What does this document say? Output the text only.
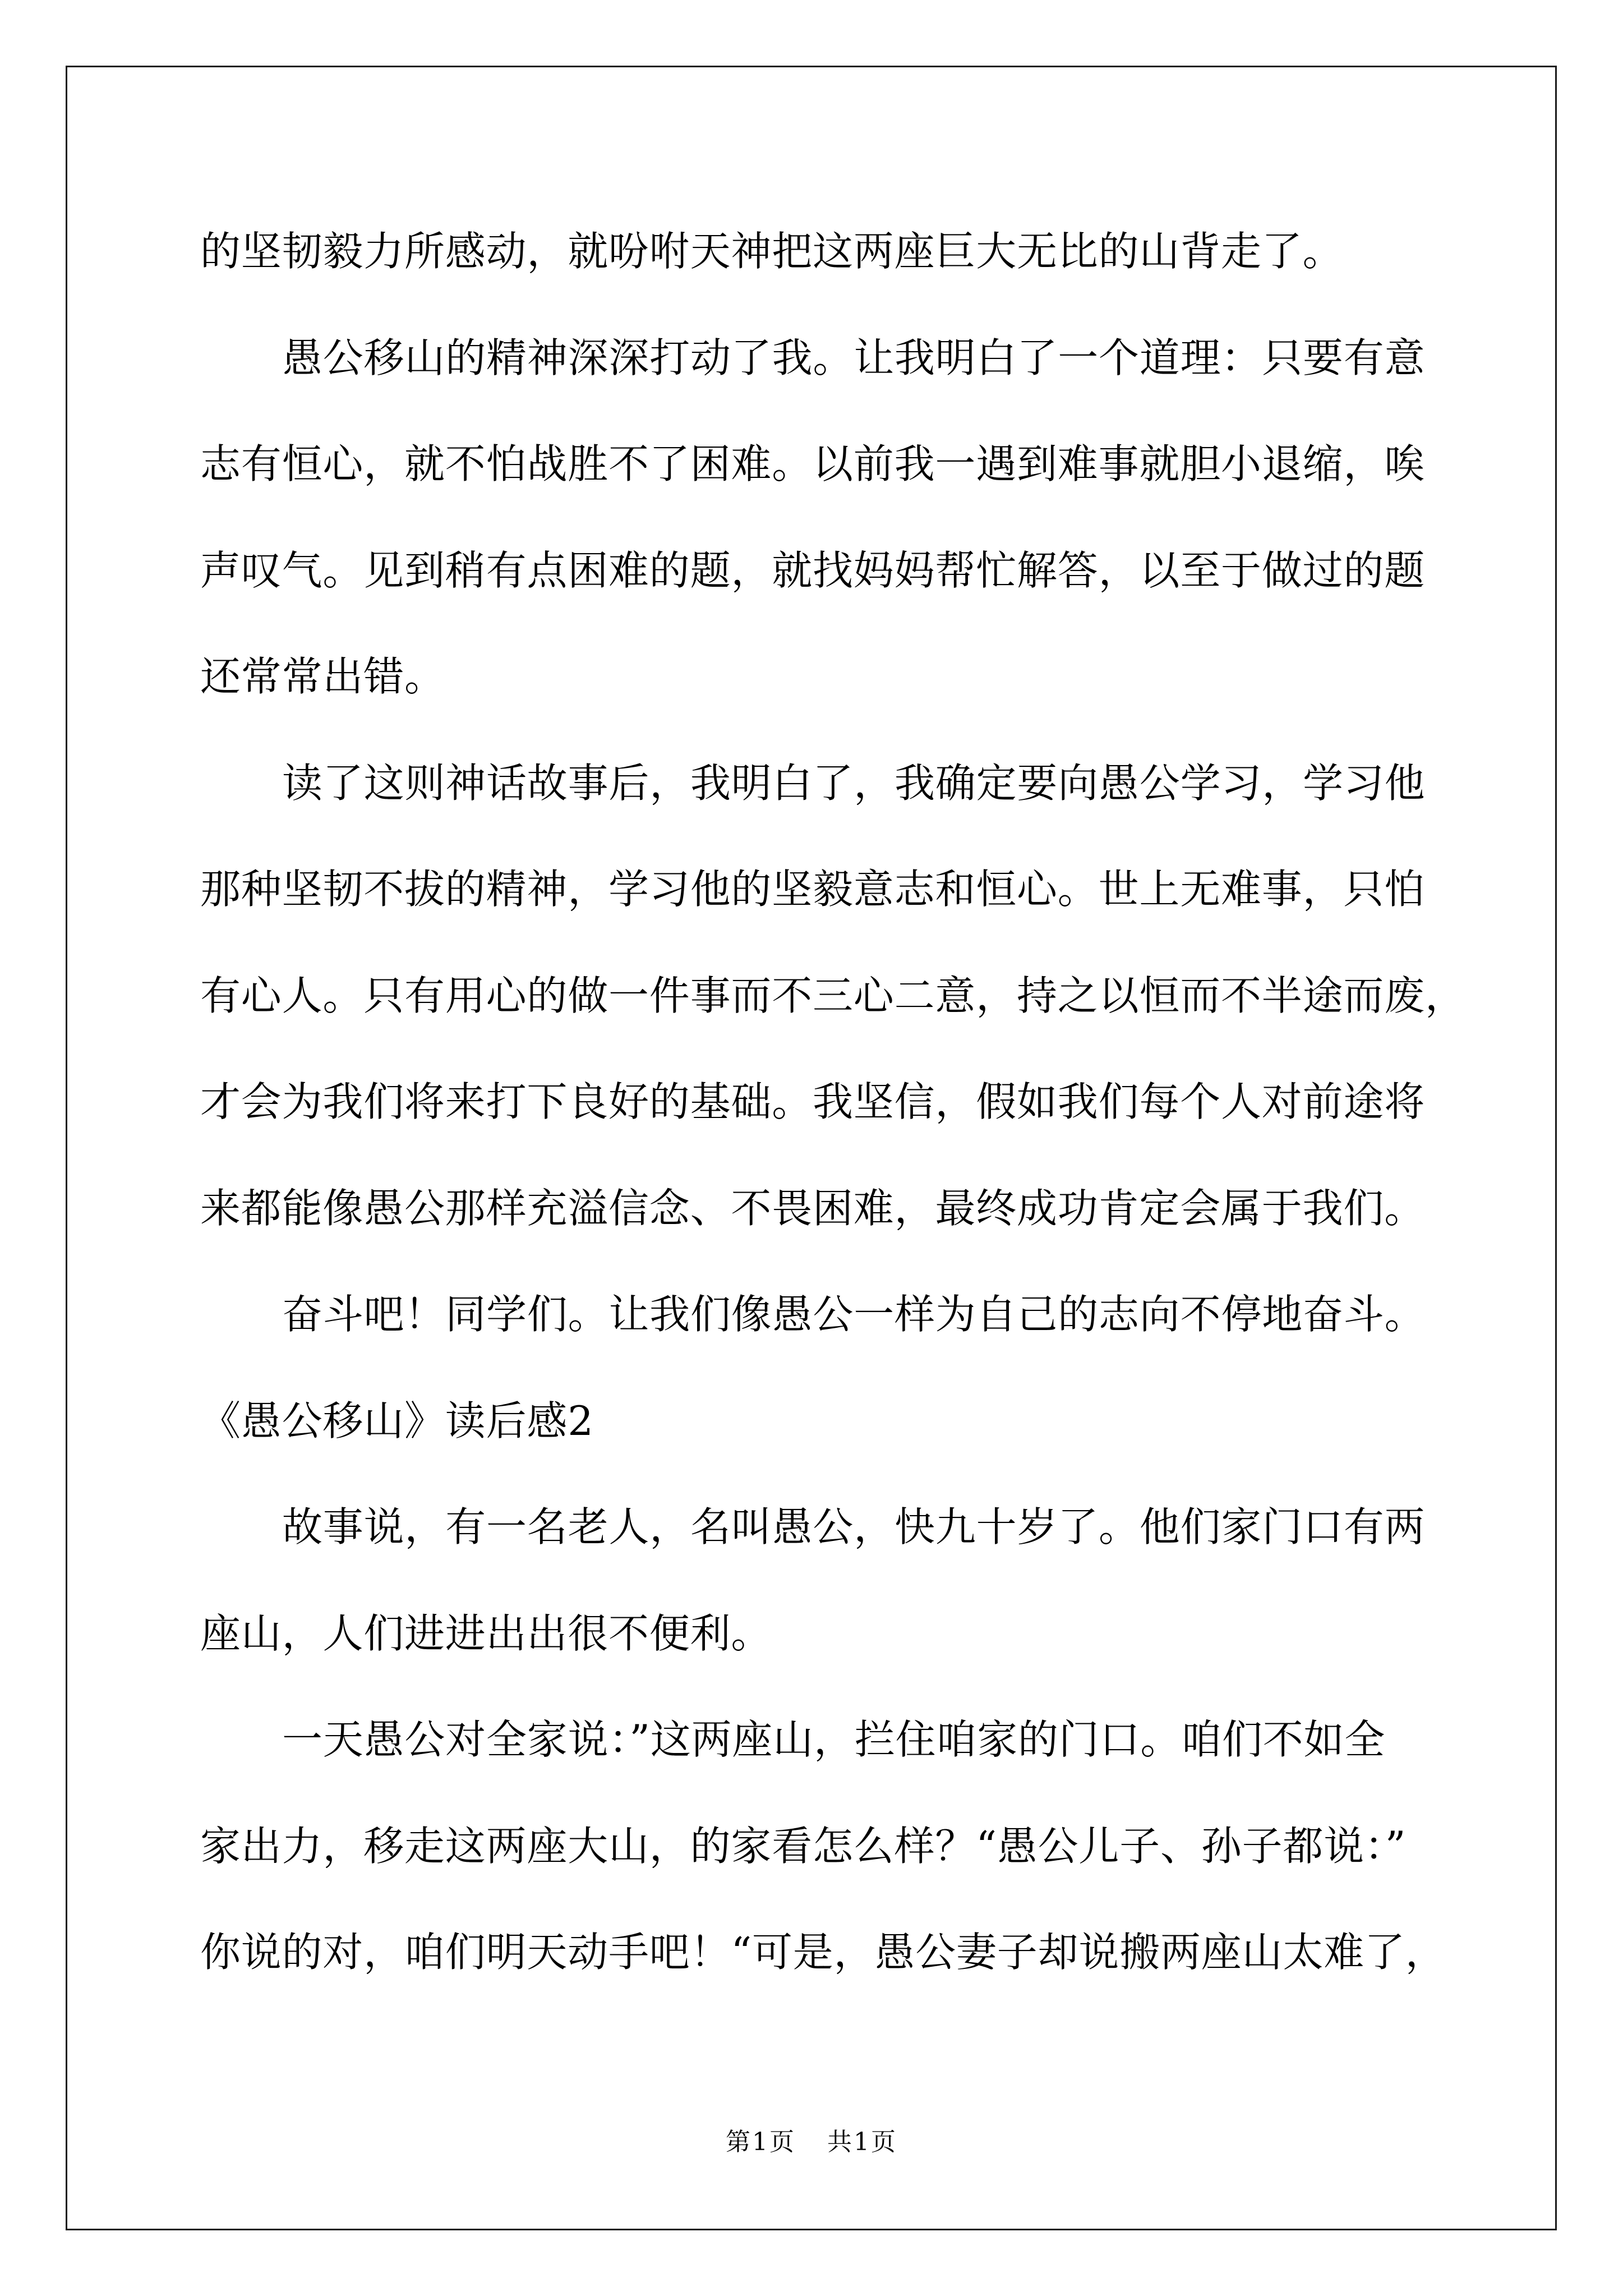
的坚韧毅力所感动，就吩咐天神把这两座巨大无比的山背走了。
愚公移山的精神深深打动了我。让我明白了一个道理：只要有意
志有恒心，就不怕战胜不了困难。以前我一遇到难事就胆小退缩，唉
声叹气。见到稍有点困难的题，就找妈妈帮忙解答，以至于做过的题
还常常出错。
读了这则神话故事后，我明白了，我确定要向愚公学习，学习他
那种坚韧不拔的精神，学习他的坚毅意志和恒心。世上无难事，只怕
有心人。只有用心的做一件事而不三心二意，持之以恒而不半途而废，
才会为我们将来打下良好的基础。我坚信，假如我们每个人对前途将
来都能像愚公那样充溢信念、不畏困难，最终成功肯定会属于我们。
奋斗吧！同学们。让我们像愚公一样为自己的志向不停地奋斗。
《愚公移山》读后感2
故事说，有一名老人，名叫愚公，快九十岁了。他们家门口有两
座山，人们进进出出很不便利。
一天愚公对全家说：”这两座山，拦住咱家的门口。咱们不如全
家出力，移走这两座大山，的家看怎么样？“愚公儿子、孙子都说：”
你说的对，咱们明天动手吧！“可是，愚公妻子却说搬两座山太难了，
第1页 共1页
